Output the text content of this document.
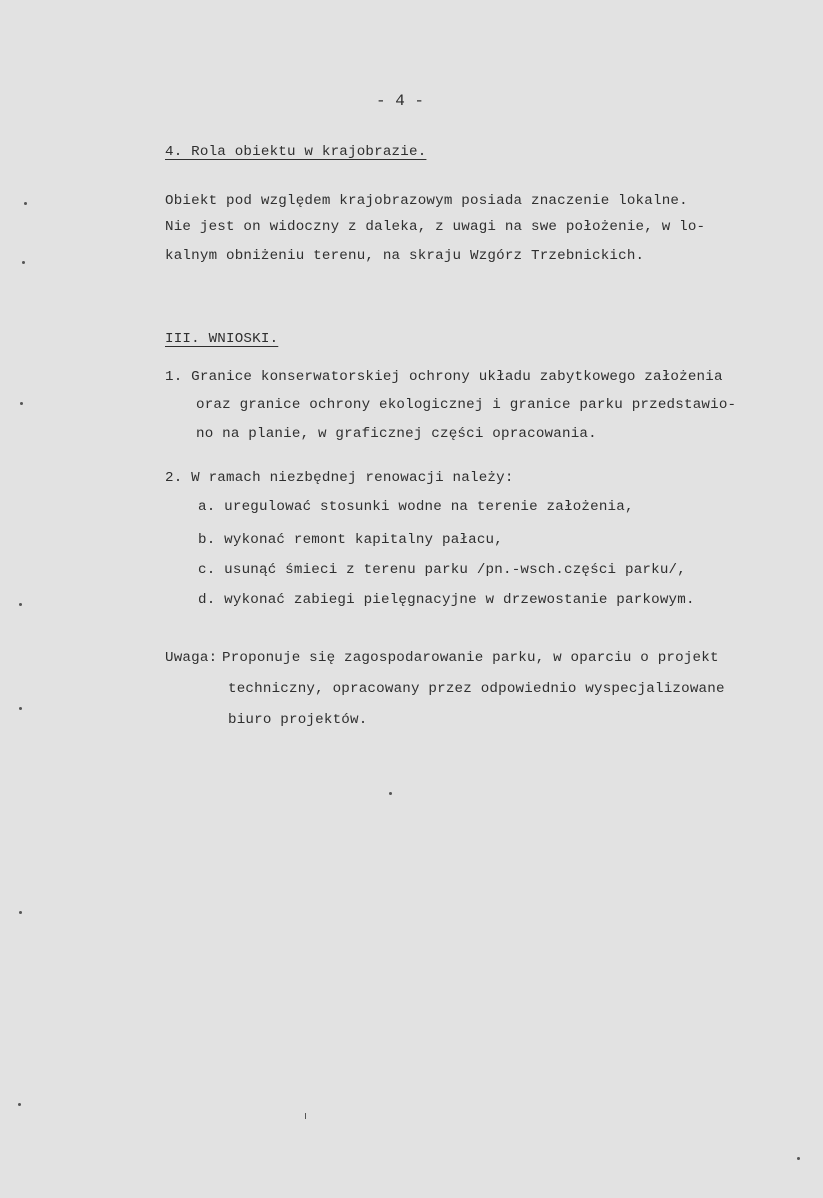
- 4 -
4. Rola obiektu w krajobrazie.
Obiekt pod względem krajobrazowym posiada znaczenie lokalne.
Nie jest on widoczny z daleka, z uwagi na swe położenie, w lo-
kalnym obniżeniu terenu, na skraju Wzgórz Trzebnickich.
III. WNIOSKI.
1. Granice konserwatorskiej ochrony układu zabytkowego założenia
oraz granice ochrony ekologicznej i granice parku przedstawio-
no na planie, w graficznej części opracowania.
2. W ramach niezbędnej renowacji należy:
a. uregulować stosunki wodne na terenie założenia,
b. wykonać remont kapitalny pałacu,
c. usunąć śmieci z terenu parku /pn.-wsch.części parku/,
d. wykonać zabiegi pielęgnacyjne w drzewostanie parkowym.
Uwaga: Proponuje się zagospodarowanie parku, w oparciu o projekt
techniczny, opracowany przez odpowiednio wyspecjalizowane
biuro projektów.
